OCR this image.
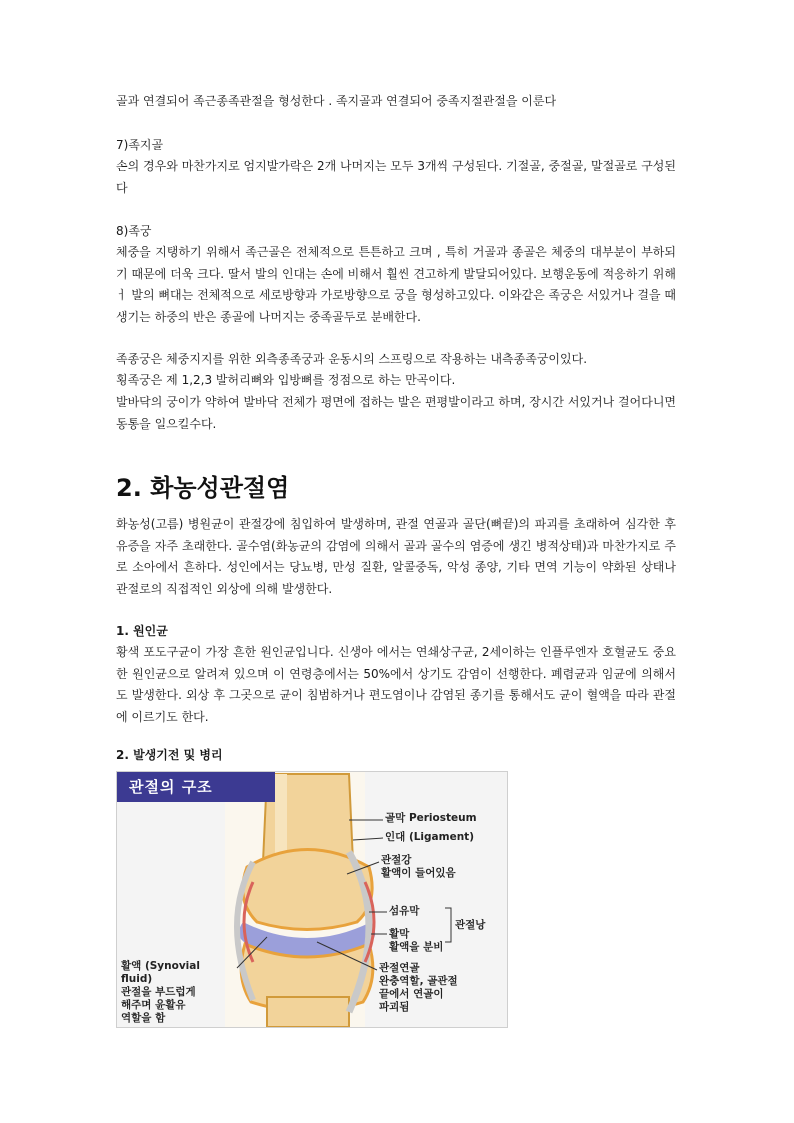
골과 연결되어 족근종족관절을 형성한다 . 족지골과 연결되어 중족지절관절을 이룬다

7)족지골

손의 경우와 마찬가지로 엄지발가락은 2개 나머지는 모두 3개씩 구성된다. 기절골, 중절골, 말절골로 구성된다

8)족궁

체중을 지탱하기 위해서 족근골은 전체적으로 튼튼하고 크며 , 특히 거골과 종골은 체중의 대부분이 부하되기 때문에 더욱 크다. 딸서 발의 인대는 손에 비해서 훨씬 견고하게 발달되어있다. 보행운동에 적응하기 위해ㅓ 발의 뼈대는 전체적으로 세로방향과 가로방향으로 궁을 형성하고있다. 이와같은 족궁은 서있거나 걸을 때 생기는 하중의 반은 종골에 나머지는 중족골두로 분배한다.

족종궁은 체중지지를 위한 외측종족궁과 운동시의 스프링으로 작용하는 내측종족궁이있다.

횡족궁은 제 1,2,3 발허리뼈와 입방뼈를 정점으로 하는 만곡이다.

발바닥의 궁이가 약하여 발바닥 전체가 평면에 접하는 발은 편평발이라고 하며, 장시간 서있거나 걸어다니면 동통을 일으킬수다.

2. 화농성관절염

화농성(고름) 병원균이 관절강에 침입하여 발생하며, 관절 연골과 골단(뼈끝)의 파괴를 초래하여 심각한 후유증을 자주 초래한다. 골수염(화농균의 감염에 의해서 골과 골수의 염증에 생긴 병적상태)과 마찬가지로 주로 소아에서 흔하다. 성인에서는 당뇨병, 만성 질환, 알콜중독, 악성 종양, 기타 면역 기능이 약화된 상태나 관절로의 직접적인 외상에 의해 발생한다.

1. 원인균

황색 포도구균이 가장 흔한 원인균입니다. 신생아 에서는 연쇄상구균, 2세이하는 인플루엔자 호혈균도 중요한 원인균으로 알려져 있으며 이 연령층에서는 50%에서 상기도 감염이 선행한다. 폐렴균과 임균에 의해서도 발생한다. 외상 후 그곳으로 균이 침범하거나 편도염이나 감염된 종기를 통해서도 균이 혈액을 따라 관절에 이르기도 한다.

2. 발생기전 및 병리
관절의 구조
골막 Periosteum
인대 (Ligament)
관절강
활액이 들어있음
섬유막
관절낭
활막
활액을 분비
활액 (Synovial
fluid)
관절을 부드럽게
해주며 윤활유
역할을 함
관절연골
완충역할, 골관절
끝에서 연골이
파괴됨
